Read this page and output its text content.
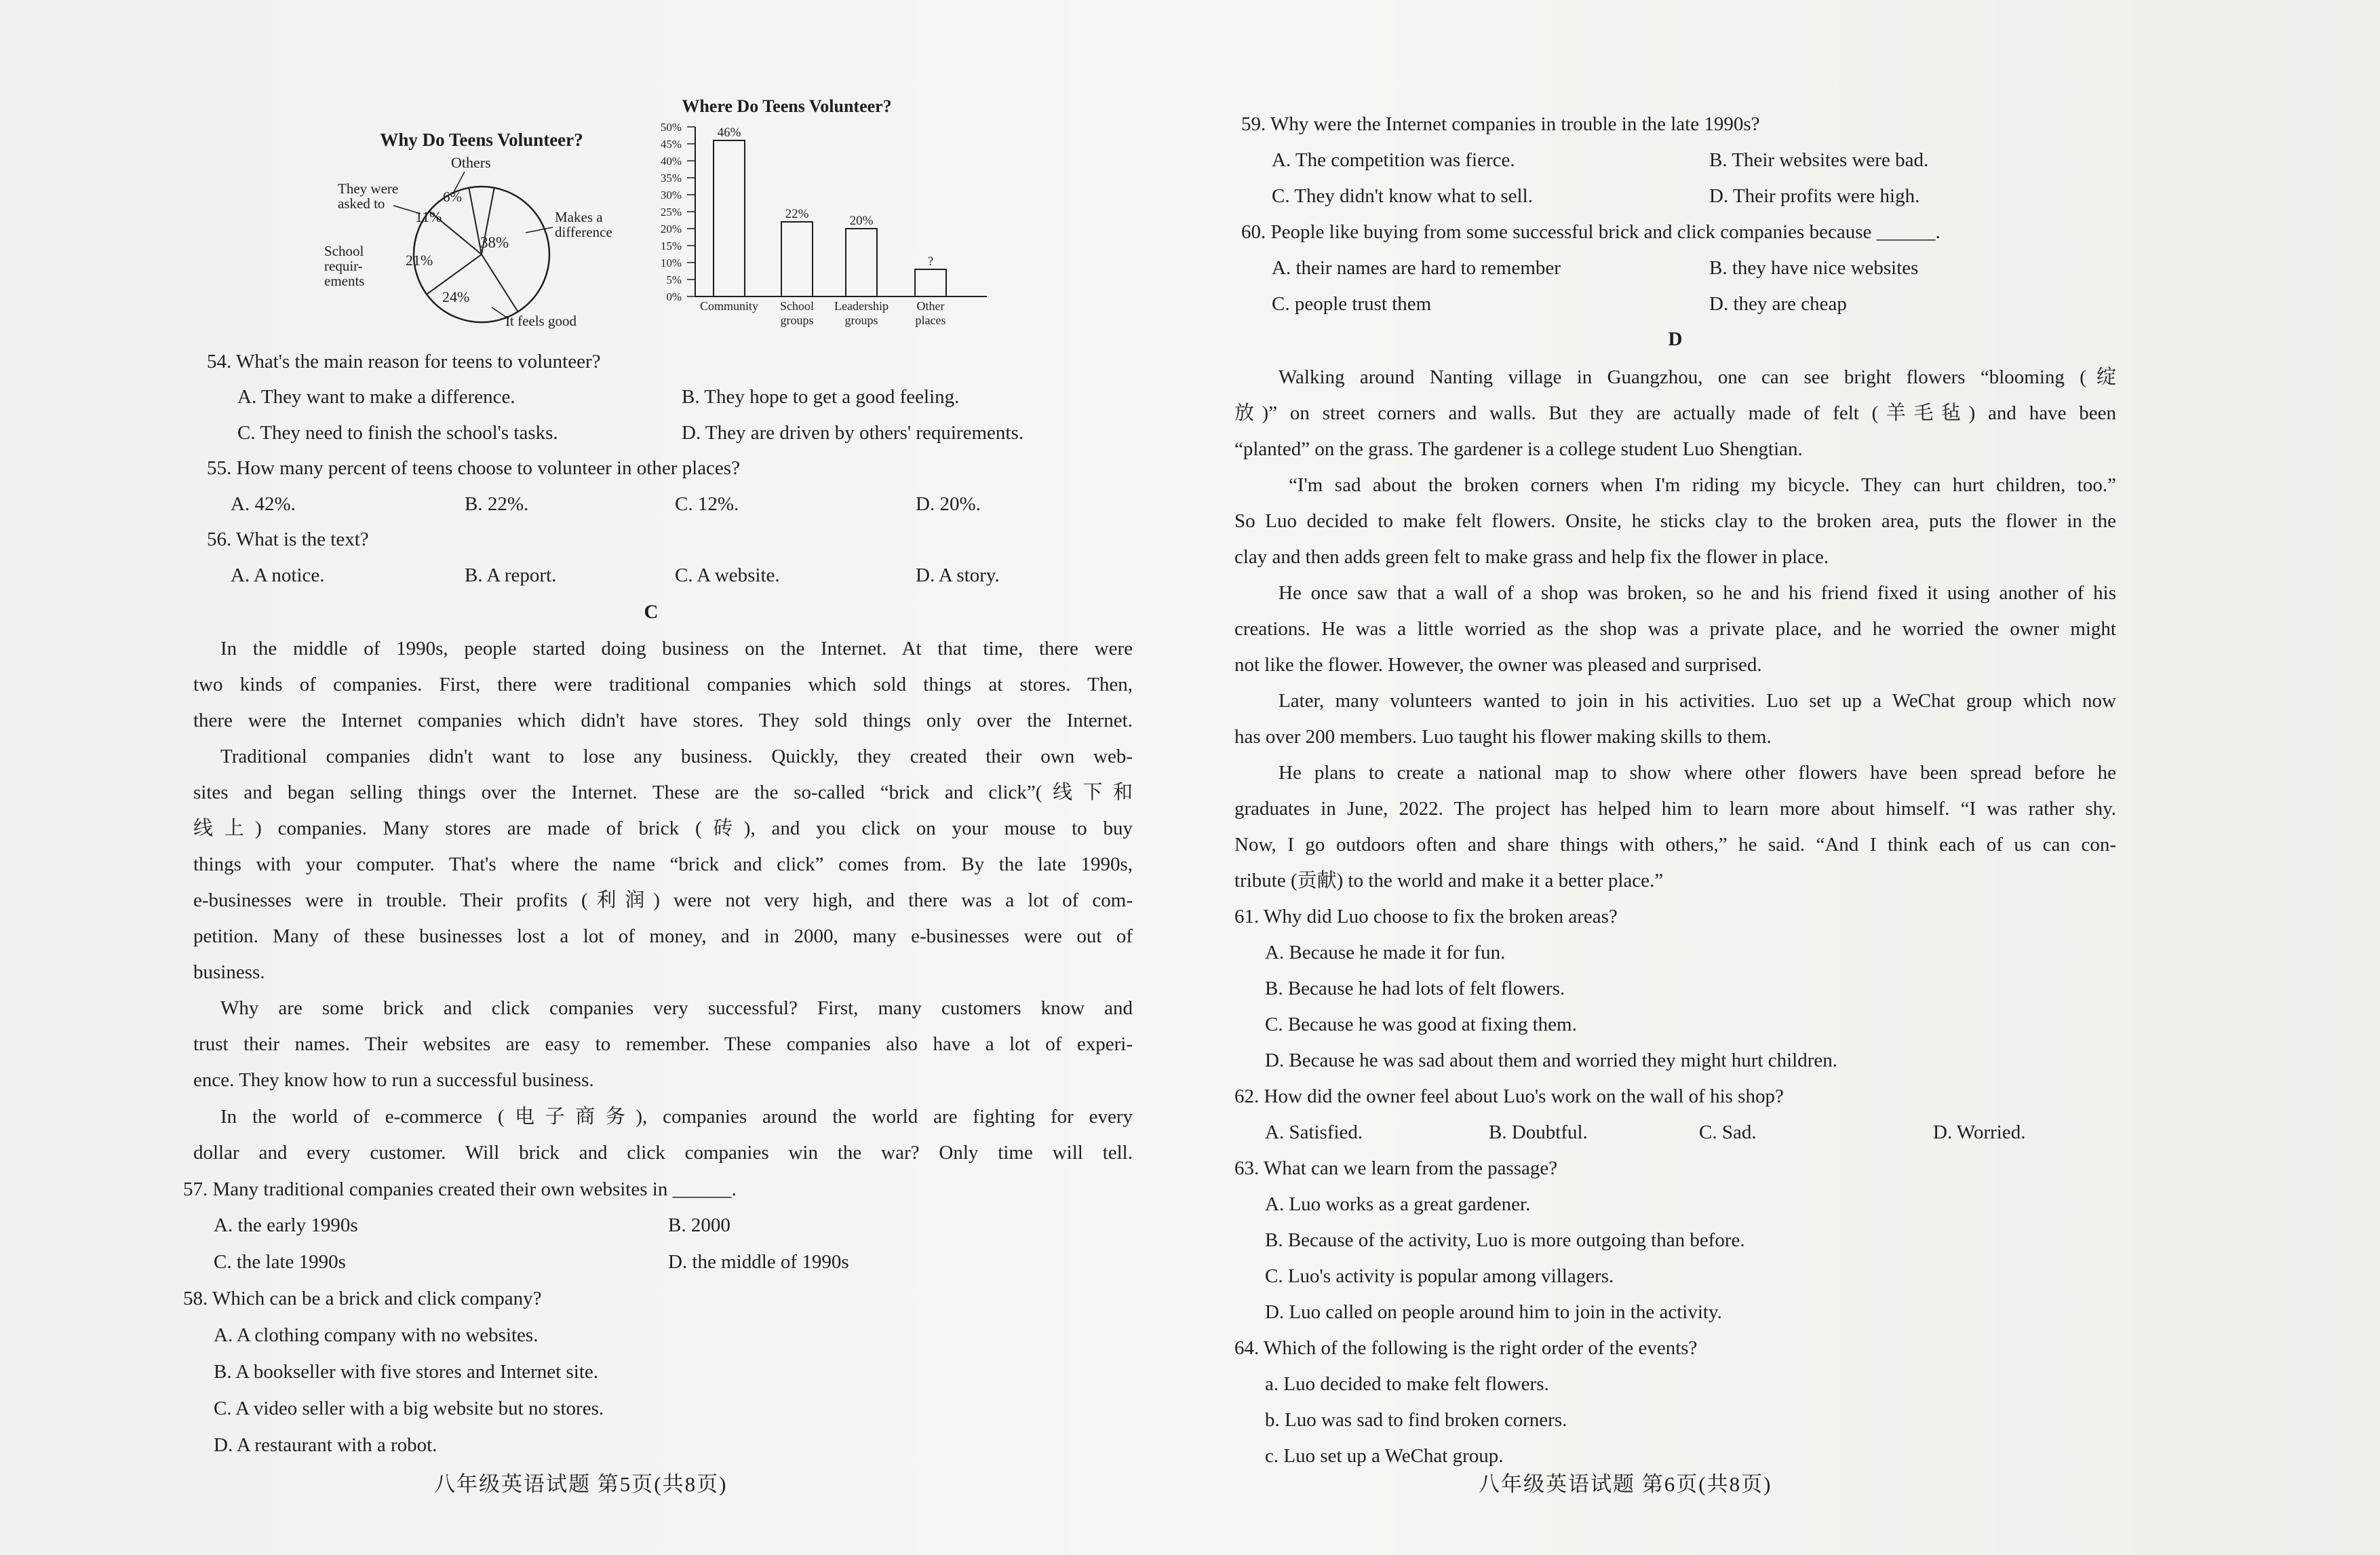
Why Do Teens Volunteer?
Others
They were
asked to
School
requir-
ements
Makes a
difference
It feels good
6%
11%
21%
24%
38%
Where Do Teens Volunteer?
50%
45%
40%
35%
30%
25%
20%
15%
10%
5%
0%
46%
22%	20%
?
Community School
groups
Leadership
groups
Other
places
54. What's the main reason for teens to volunteer?
A. They want to make a difference.	B. They hope to get a good feeling.
C. They need to finish the school's tasks.	D. They are driven by others' requirements.
55. How many percent of teens choose to volunteer in other places?
A. 42%.	B. 22%.	C. 12%.	D. 20%.
56. What is the text?
A. A notice.	B. A report.	C. A website.	D. A story.
C
In the middle of 1990s, people started doing business on the Internet. At that time, there were
two kinds of companies. First, there were traditional companies which sold things at stores. Then,
there were the Internet companies which didn't have stores. They sold things only over the Internet.
Traditional companies didn't want to lose any business. Quickly, they created their own web-
sites and began selling things over the Internet. These are the so-called “brick and click”(线下和
线上) companies. Many stores are made of brick (砖), and you click on your mouse to buy
things with your computer. That's where the name “brick and click” comes from. By the late 1990s,
e-businesses were in trouble. Their profits (利润) were not very high, and there was a lot of com-
petition. Many of these businesses lost a lot of money, and in 2000, many e-businesses were out of
business.
Why are some brick and click companies very successful? First, many customers know and
trust their names. Their websites are easy to remember. These companies also have a lot of experi-
ence. They know how to run a successful business.
In the world of e-commerce (电子商务), companies around the world are fighting for every
dollar and every customer. Will brick and click companies win the war? Only time will tell.
57. Many traditional companies created their own websites in ______.
A. the early 1990s	B. 2000
C. the late 1990s	D. the middle of 1990s
58. Which can be a brick and click company?
A. A clothing company with no websites.
B. A bookseller with five stores and Internet site.
C. A video seller with a big website but no stores.
D. A restaurant with a robot.
八年级英语试题 第5页(共8页)
59. Why were the Internet companies in trouble in the late 1990s?
A. The competition was fierce.	B. Their websites were bad.
C. They didn't know what to sell.	D. Their profits were high.
60. People like buying from some successful brick and click companies because ______.
A. their names are hard to remember	B. they have nice websites
C. people trust them	D. they are cheap
D
Walking around Nanting village in Guangzhou, one can see bright flowers “blooming (绽
放)” on street corners and walls. But they are actually made of felt (羊毛毡) and have been
“planted” on the grass. The gardener is a college student Luo Shengtian.
“I'm sad about the broken corners when I'm riding my bicycle. They can hurt children, too.”
So Luo decided to make felt flowers. Onsite, he sticks clay to the broken area, puts the flower in the
clay and then adds green felt to make grass and help fix the flower in place.
He once saw that a wall of a shop was broken, so he and his friend fixed it using another of his
creations. He was a little worried as the shop was a private place, and he worried the owner might
not like the flower. However, the owner was pleased and surprised.
Later, many volunteers wanted to join in his activities. Luo set up a WeChat group which now
has over 200 members. Luo taught his flower making skills to them.
He plans to create a national map to show where other flowers have been spread before he
graduates in June, 2022. The project has helped him to learn more about himself. “I was rather shy.
Now, I go outdoors often and share things with others,” he said. “And I think each of us can con-
tribute (贡献) to the world and make it a better place.”
61. Why did Luo choose to fix the broken areas?
A. Because he made it for fun.
B. Because he had lots of felt flowers.
C. Because he was good at fixing them.
D. Because he was sad about them and worried they might hurt children.
62. How did the owner feel about Luo's work on the wall of his shop?
A. Satisfied.	B. Doubtful.	C. Sad.	D. Worried.
63. What can we learn from the passage?
A. Luo works as a great gardener.
B. Because of the activity, Luo is more outgoing than before.
C. Luo's activity is popular among villagers.
D. Luo called on people around him to join in the activity.
64. Which of the following is the right order of the events?
a. Luo decided to make felt flowers.
b. Luo was sad to find broken corners.
c. Luo set up a WeChat group.
八年级英语试题 第6页(共8页)
